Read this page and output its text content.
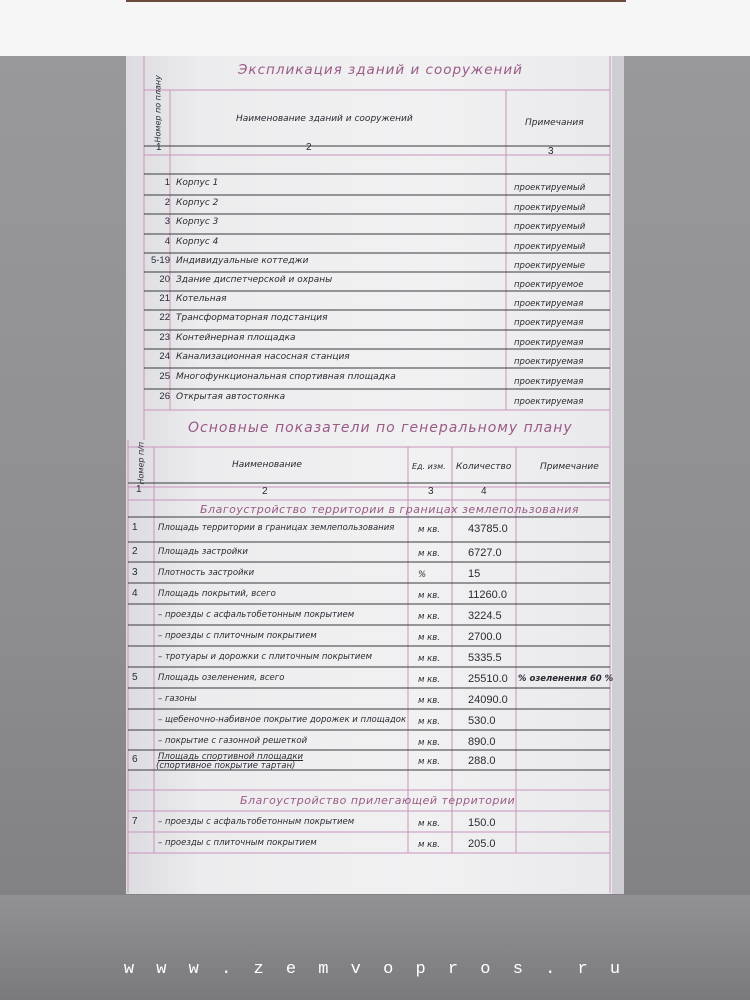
Экспликация зданий и сооружений
Номер по плану	Наименование зданий и сооружений	Примечания
1	2	3
1 Корпус 1	проектируемый
2 Корпус 2	проектируемый
3 Корпус 3	проектируемый
4 Корпус 4	проектируемый
5-19 Индивидуальные коттеджи	проектируемые
20 Здание диспетчерской и охраны	проектируемое
21 Котельная	проектируемая
22 Трансформаторная подстанция	проектируемая
23 Контейнерная площадка	проектируемая
24 Канализационная насосная станция	проектируемая
25 Многофункциональная спортивная площадка	проектируемая
26 Открытая автостоянка	проектируемая
Основные показатели по генеральному плану
Номер п/п	Наименование	Ед. изм. Количество	Примечание
1	2	3	4
Благоустройство территории в границах землепользования
1 Площадь территории в границах землепользования	м кв.	43785.0
2 Площадь застройки	м кв.	6727.0
3 Плотность застройки	%	15
4 Площадь покрытий, всего	м кв.	11260.0
– проезды с асфальтобетонным покрытием	м кв.	3224.5
– проезды с плиточным покрытием	м кв.	2700.0
– тротуары и дорожки с плиточным покрытием	м кв.	5335.5
5 Площадь озеленения, всего	м кв.	25510.0 % озеленения 60 %
– газоны	м кв.	24090.0
– щебеночно-набивное покрытие дорожек и площадок м кв.	530.0
– покрытие с газонной решеткой	м кв.	890.0
6 Площадь спортивной площадки
(спортивное покрытие тартан)	м кв.	288.0
Благоустройство прилегающей территории
7 – проезды с асфальтобетонным покрытием	м кв.	150.0
– проезды с плиточным покрытием	м кв.	205.0
w w w . z e m v o p r o s . r u
